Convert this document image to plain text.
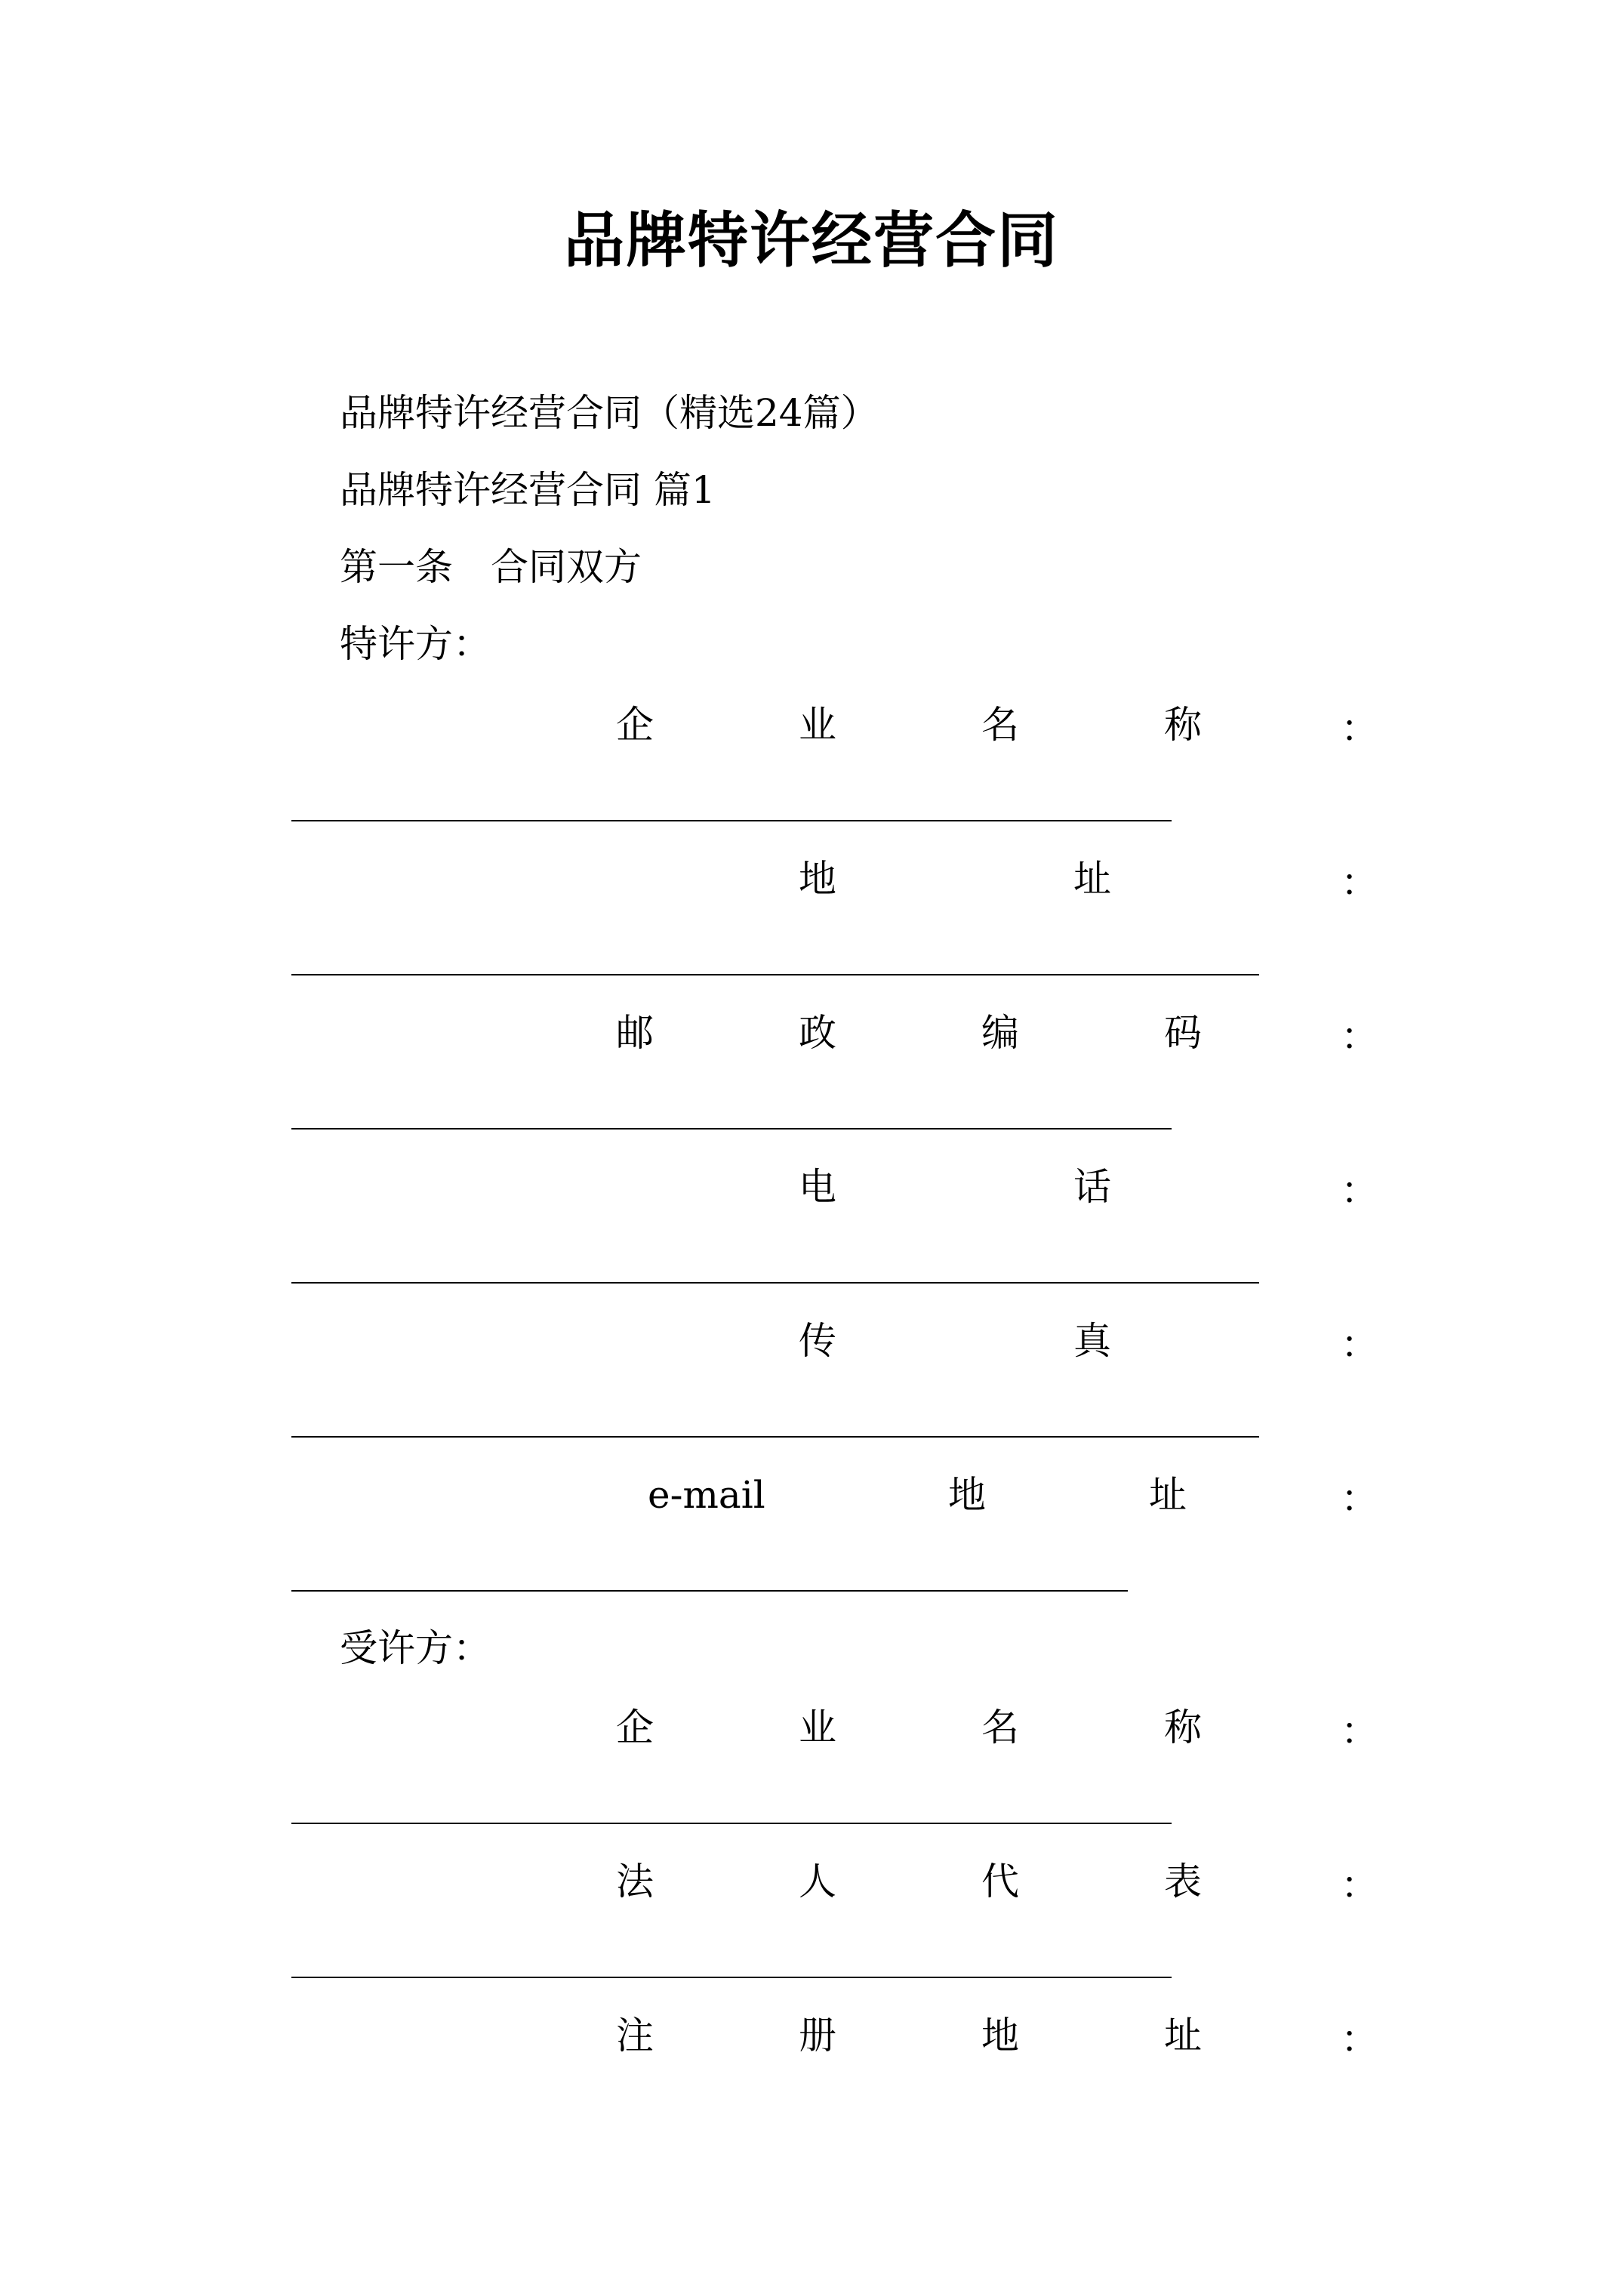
品牌特许经营合同
品牌特许经营合同（精选24篇）
品牌特许经营合同 篇1
第一条　合同双方
特许方：
企	业	名	称	：
地	址	：
邮	政	编	码	：
电	话	：
传	真	：
e-mail	地	址	：
受许方：
企	业	名	称	：
法	人	代	表	：
注	册	地	址	：
